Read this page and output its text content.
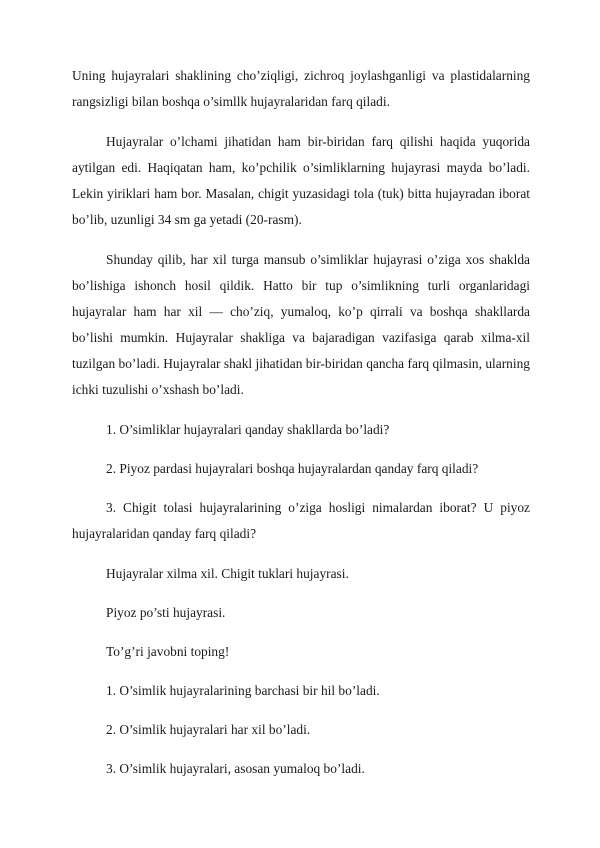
Uning hujayralari shaklining cho’ziqligi, zichroq joylashganligi va plastidalarning rangsizligi bilan boshqa o’simllk hujayralaridan farq qiladi.

Hujayralar o’lchami jihatidan ham bir-biridan farq qilishi haqida yuqorida aytilgan edi. Haqiqatan ham, ko’pchilik o’simliklarning hujayrasi mayda bo’ladi. Lekin yiriklari ham bor. Masalan, chigit yuzasidagi tola (tuk) bitta hujayradan iborat bo’lib, uzunligi 34 sm ga yetadi (20-rasm).

Shunday qilib, har xil turga mansub o’simliklar hujayrasi o’ziga xos shaklda bo’lishiga ishonch hosil qildik. Hatto bir tup o’simlikning turli organlaridagi hujayralar ham har xil — cho’ziq, yumaloq, ko’p qirrali va boshqa shakllarda bo’lishi mumkin. Hujayralar shakliga va bajaradigan vazifasiga qarab xilma-xil tuzilgan bo’ladi. Hujayralar shakl jihatidan bir-biridan qancha farq qilmasin, ularning ichki tuzulishi o’xshash bo’ladi.

1. O’simliklar hujayralari qanday shakllarda bo’ladi?

2. Piyoz pardasi hujayralari boshqa hujayralardan qanday farq qiladi?

3. Chigit tolasi hujayralarining o’ziga hosligi nimalardan iborat? U piyoz hujayralaridan qanday farq qiladi?

Hujayralar xilma xil. Chigit tuklari hujayrasi.

Piyoz po’sti hujayrasi.

To’g’ri javobni toping!

1. O’simlik hujayralarining barchasi bir hil bo’ladi.

2. O’simlik hujayralari har xil bo’ladi.

3. O’simlik hujayralari, asosan yumaloq bo’ladi.
